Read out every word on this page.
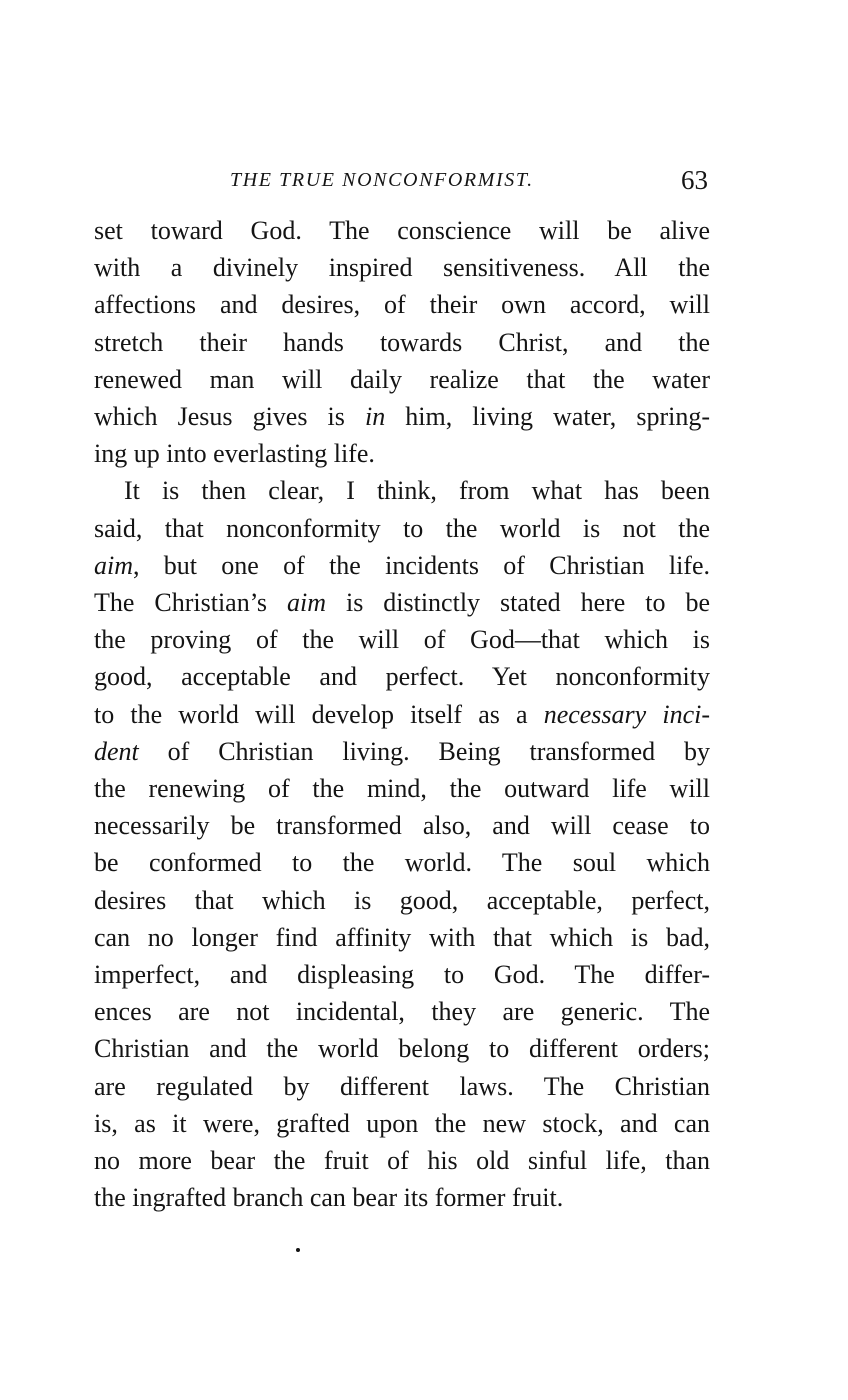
THE TRUE NONCONFORMIST.	63
set toward God. The conscience will be alive
with a divinely inspired sensitiveness. All the
affections and desires, of their own accord, will
stretch their hands towards Christ, and the
renewed man will daily realize that the water
which Jesus gives is in him, living water, spring-
ing up into everlasting life.
It is then clear, I think, from what has been
said, that nonconformity to the world is not the
aim, but one of the incidents of Christian life.
The Christian’s aim is distinctly stated here to be
the proving of the will of God—that which is
good, acceptable and perfect. Yet nonconformity
to the world will develop itself as a necessary inci-
dent of Christian living. Being transformed by
the renewing of the mind, the outward life will
necessarily be transformed also, and will cease to
be conformed to the world. The soul which
desires that which is good, acceptable, perfect,
can no longer find affinity with that which is bad,
imperfect, and displeasing to God. The differ-
ences are not incidental, they are generic. The
Christian and the world belong to different orders;
are regulated by different laws. The Christian
is, as it were, grafted upon the new stock, and can
no more bear the fruit of his old sinful life, than
the ingrafted branch can bear its former fruit.
